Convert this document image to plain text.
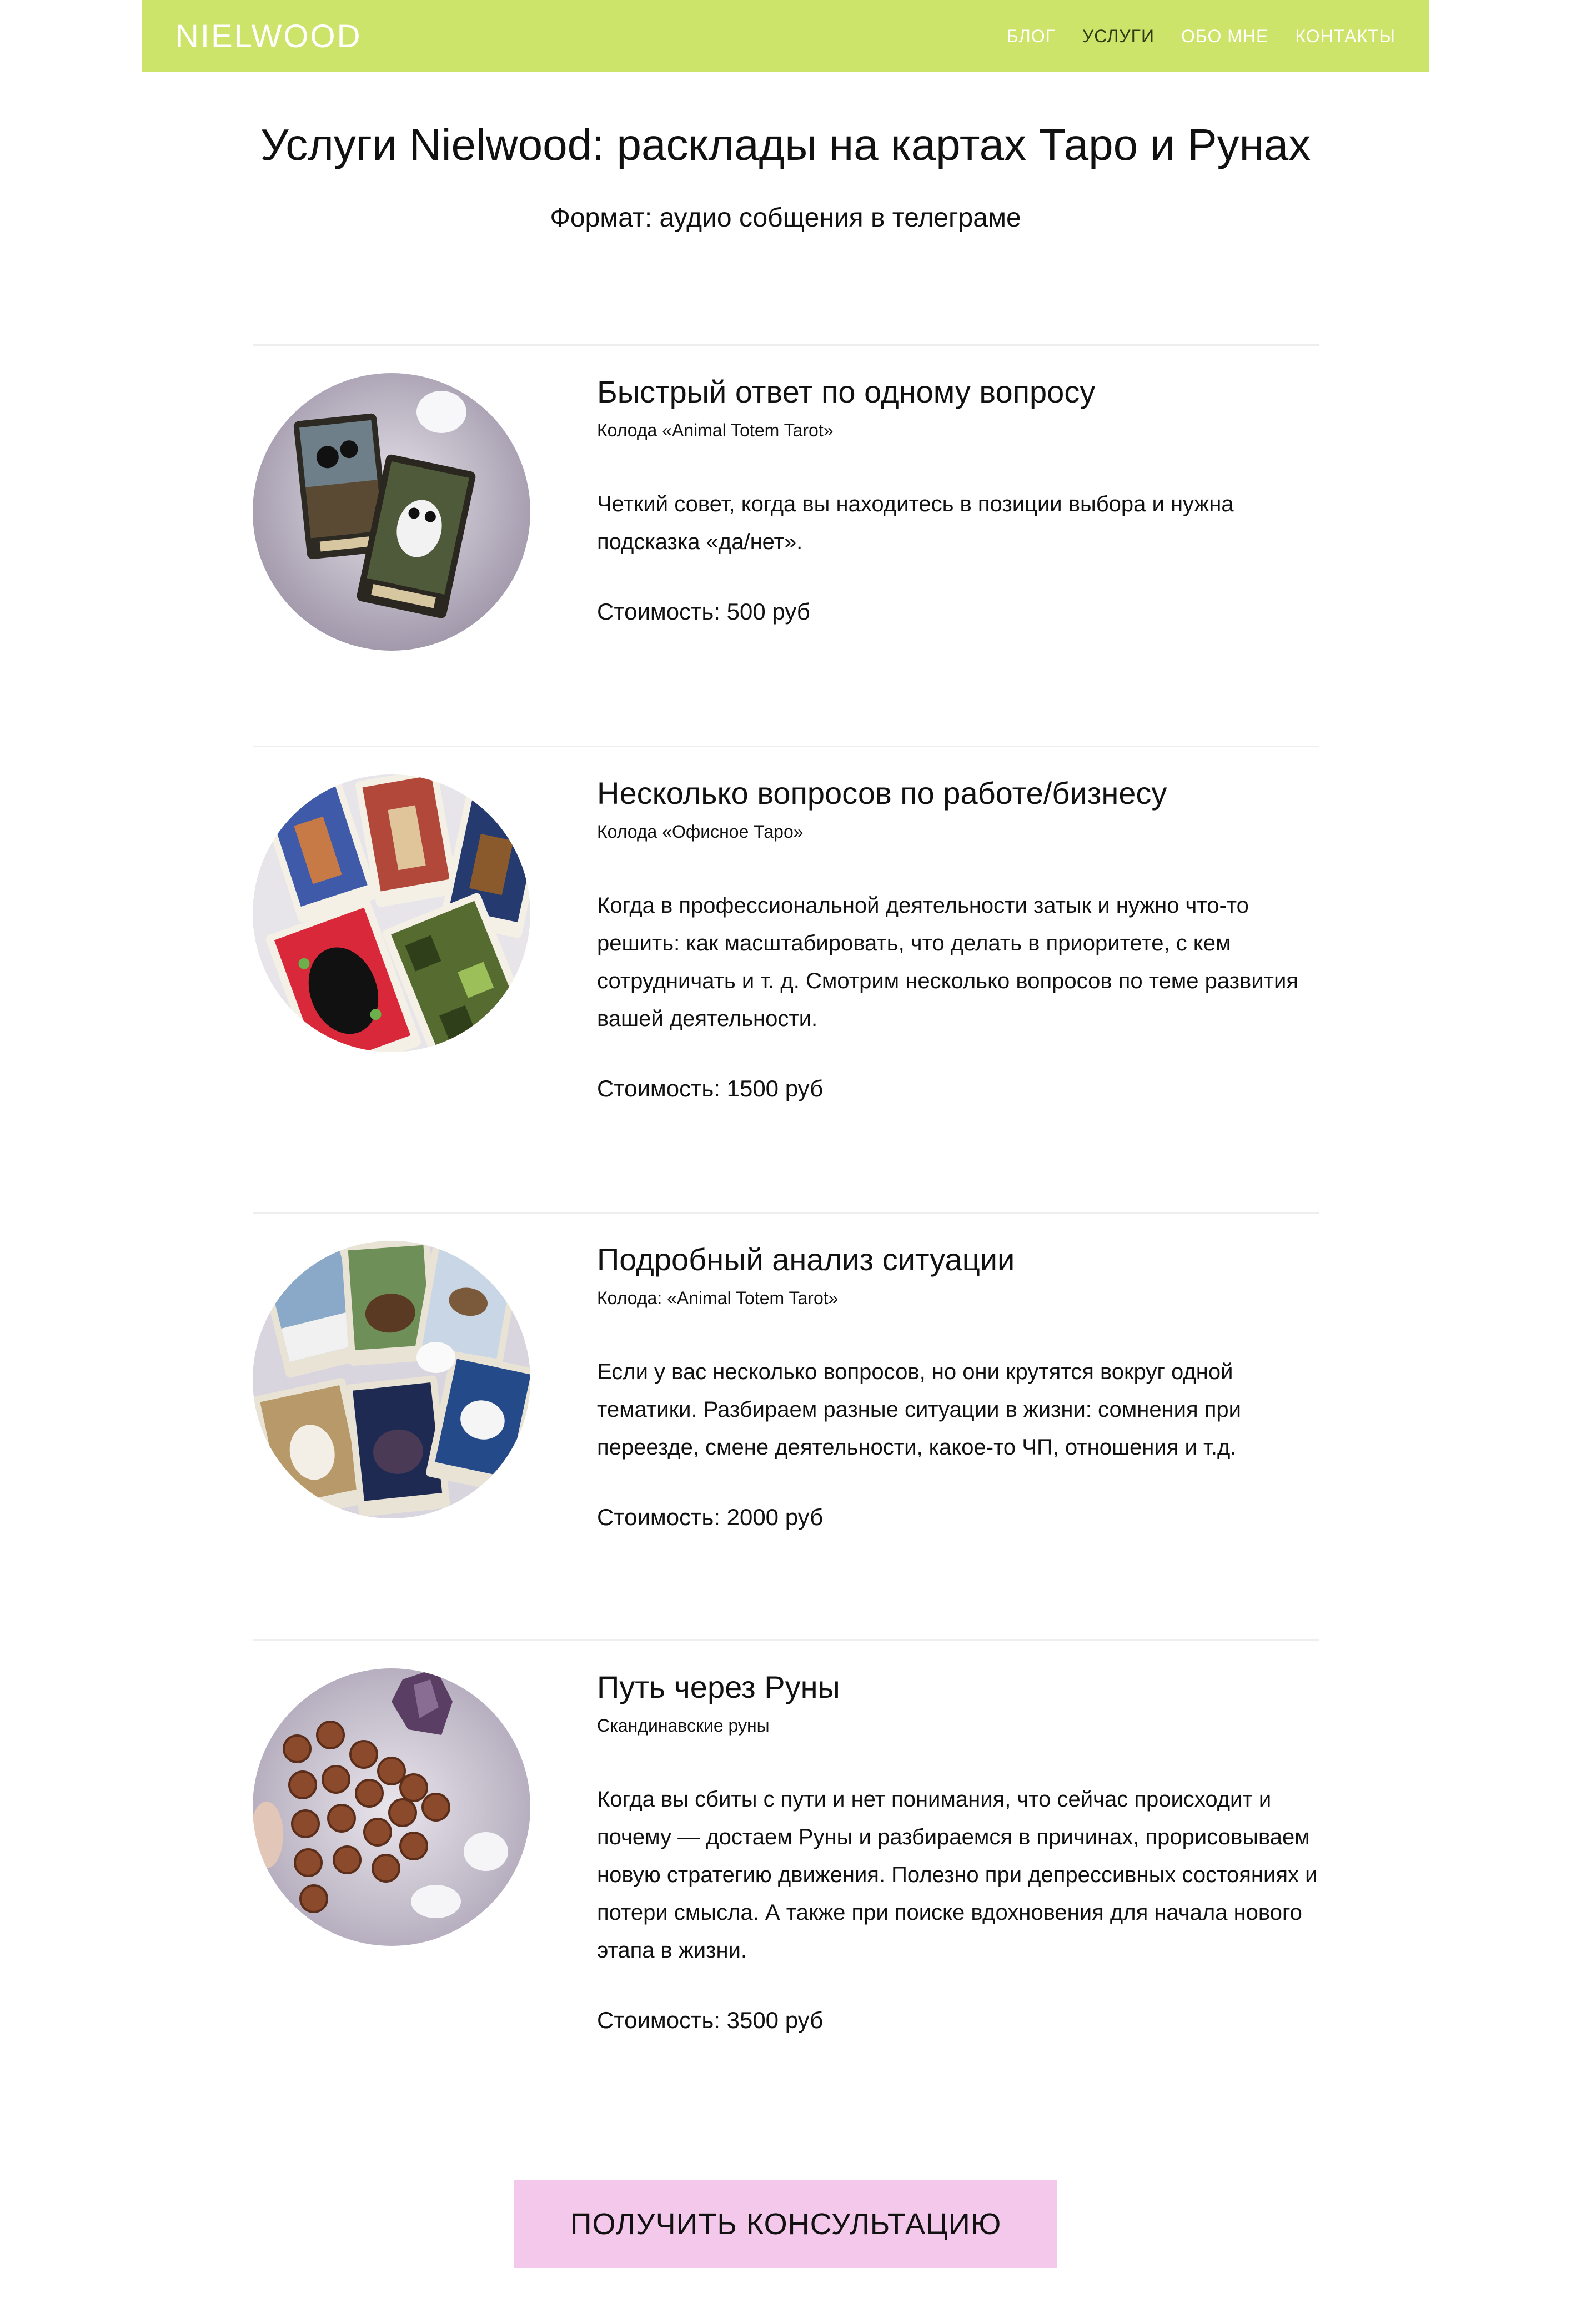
NIELWOOD	БЛОГ УСЛУГИ ОБО МНЕ КОНТАКТЫ
Услуги Nielwood: расклады на картах Таро и Рунах
Формат: аудио собщения в телеграме
Быстрый ответ по одному вопросу
Колода «Animal Totem Tarot»
Четкий совет, когда вы находитесь в позиции выбора и нужна подсказка «да/нет».
Стоимость: 500 руб
Несколько вопросов по работе/бизнесу
Колода «Офисное Таро»
Когда в профессиональной деятельности затык и нужно что-то решить: как масштабировать, что делать в приоритете, с кем сотрудничать и т. д. Смотрим несколько вопросов по теме развития вашей деятельности.
Стоимость: 1500 руб
Подробный анализ ситуации
Колода: «Animal Totem Tarot»
Если у вас несколько вопросов, но они крутятся вокруг одной тематики. Разбираем разные ситуации в жизни: сомнения при переезде, смене деятельности, какое-то ЧП, отношения и т.д.
Стоимость: 2000 руб
Путь через Руны
Скандинавские руны
Когда вы сбиты с пути и нет понимания, что сейчас происходит и почему — достаем Руны и разбираемся в причинах, прорисовываем новую стратегию движения. Полезно при депрессивных состояниях и потери смысла. А также при поиске вдохновения для начала нового этапа в жизни.
Стоимость: 3500 руб
ПОЛУЧИТЬ КОНСУЛЬТАЦИЮ
